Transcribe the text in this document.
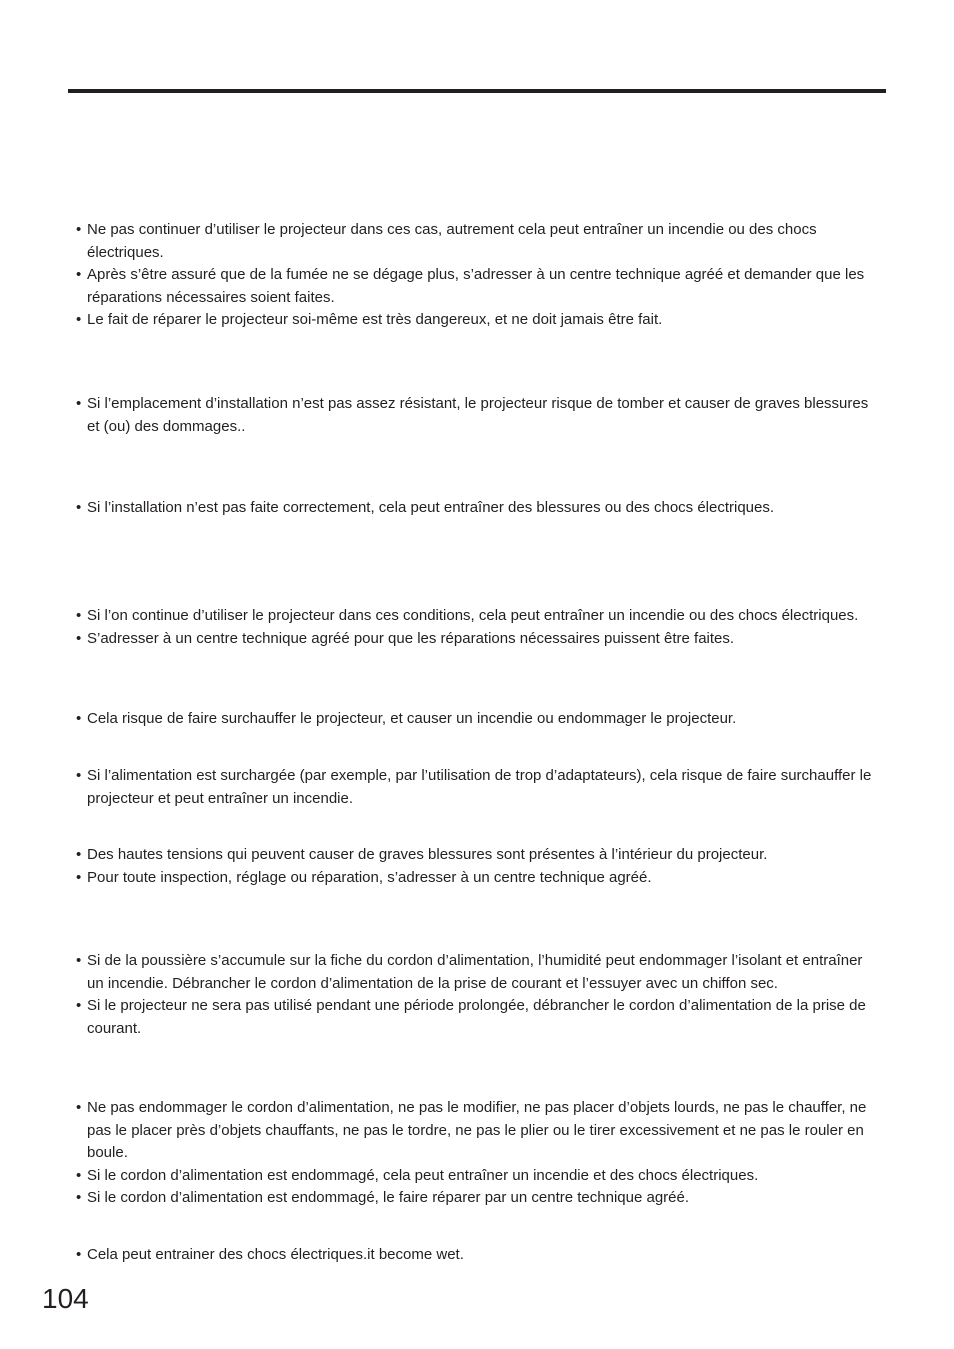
• Ne pas continuer d’utiliser le projecteur dans ces cas, autrement cela peut entraîner un incendie ou des chocs électriques.
• Après s’être assuré que de la fumée ne se dégage plus, s’adresser à un centre technique agréé et demander que les réparations nécessaires soient faites.
• Le fait de réparer le projecteur soi-même est très dangereux, et ne doit jamais être fait.
• Si l’emplacement d’installation n’est pas assez résistant, le projecteur risque de tomber et causer de graves blessures et (ou) des dommages..
• Si l’installation n’est pas faite correctement, cela peut entraîner des blessures ou des chocs électriques.
• Si l’on continue d’utiliser le projecteur dans ces conditions, cela peut entraîner un incendie ou des chocs électriques.
• S’adresser à un centre technique agréé pour que les réparations nécessaires puissent être faites.
• Cela risque de faire surchauffer le projecteur, et causer un incendie ou endommager le projecteur.
• Si l’alimentation est surchargée (par exemple, par l’utilisation de trop d’adaptateurs), cela risque de faire surchauffer le projecteur et peut entraîner un incendie.
• Des hautes tensions qui peuvent causer de graves blessures sont présentes à l’intérieur du projecteur.
• Pour toute inspection, réglage ou réparation, s’adresser à un centre technique agréé.
• Si de la poussière s’accumule sur la fiche du cordon d’alimentation, l’humidité peut endommager l’isolant et entraîner un incendie. Débrancher le cordon d’alimentation de la prise de courant et l’essuyer avec un chiffon sec.
• Si le projecteur ne sera pas utilisé pendant une période prolongée, débrancher le cordon d’alimentation de la prise de courant.
• Ne pas endommager le cordon d’alimentation, ne pas le modifier, ne pas placer d’objets lourds, ne pas le chauffer, ne pas le placer près d’objets chauffants, ne pas le tordre, ne pas le plier ou le tirer excessivement et ne pas le rouler en boule.
• Si le cordon d’alimentation est endommagé, cela peut entraîner un incendie et des chocs électriques.
• Si le cordon d’alimentation est endommagé, le faire réparer par un centre technique agréé.
• Cela peut entrainer des chocs électriques.it become wet.
104
